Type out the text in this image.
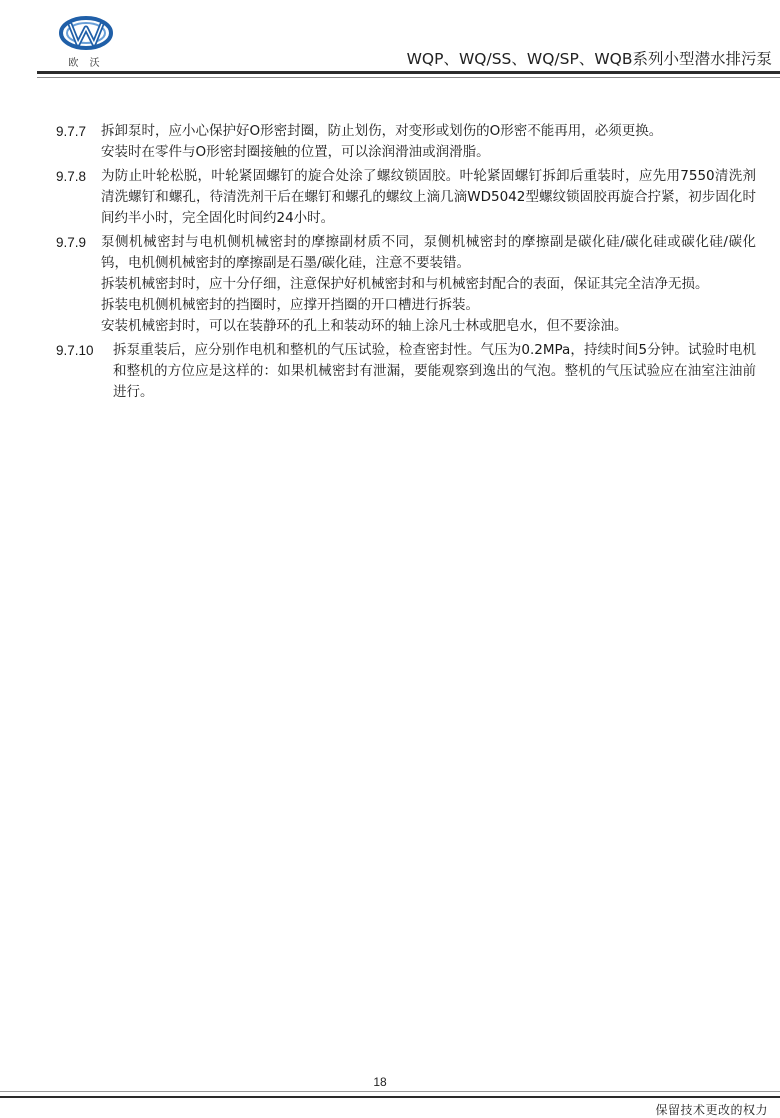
欧 沃	WQP、WQ/SS、WQ/SP、WQB系列小型潜水排污泵
9.7.7 拆卸泵时，应小心保护好O形密封圈，防止划伤，对变形或划伤的O形密不能再用，必须更换。

安装时在零件与O形密封圈接触的位置，可以涂润滑油或润滑脂。

9.7.8 为防止叶轮松脱，叶轮紧固螺钉的旋合处涂了螺纹锁固胶。叶轮紧固螺钉拆卸后重装时，应先用7550清洗剂清洗螺钉和螺孔，待清洗剂干后在螺钉和螺孔的螺纹上滴几滴WD5042型螺纹锁固胶再旋合拧紧，初步固化时间约半小时，完全固化时间约24小时。

9.7.9 泵侧机械密封与电机侧机械密封的摩擦副材质不同，泵侧机械密封的摩擦副是碳化硅/碳化硅或碳化硅/碳化钨，电机侧机械密封的摩擦副是石墨/碳化硅，注意不要装错。

拆装机械密封时，应十分仔细，注意保护好机械密封和与机械密封配合的表面，保证其完全洁净无损。

拆装电机侧机械密封的挡圈时，应撑开挡圈的开口槽进行拆装。

安装机械密封时，可以在装静环的孔上和装动环的轴上涂凡士林或肥皂水，但不要涂油。

9.7.10 拆泵重装后，应分别作电机和整机的气压试验，检查密封性。气压为0.2MPa，持续时间5分钟。试验时电机和整机的方位应是这样的：如果机械密封有泄漏，要能观察到逸出的气泡。整机的气压试验应在油室注油前进行。

18
保留技术更改的权力
